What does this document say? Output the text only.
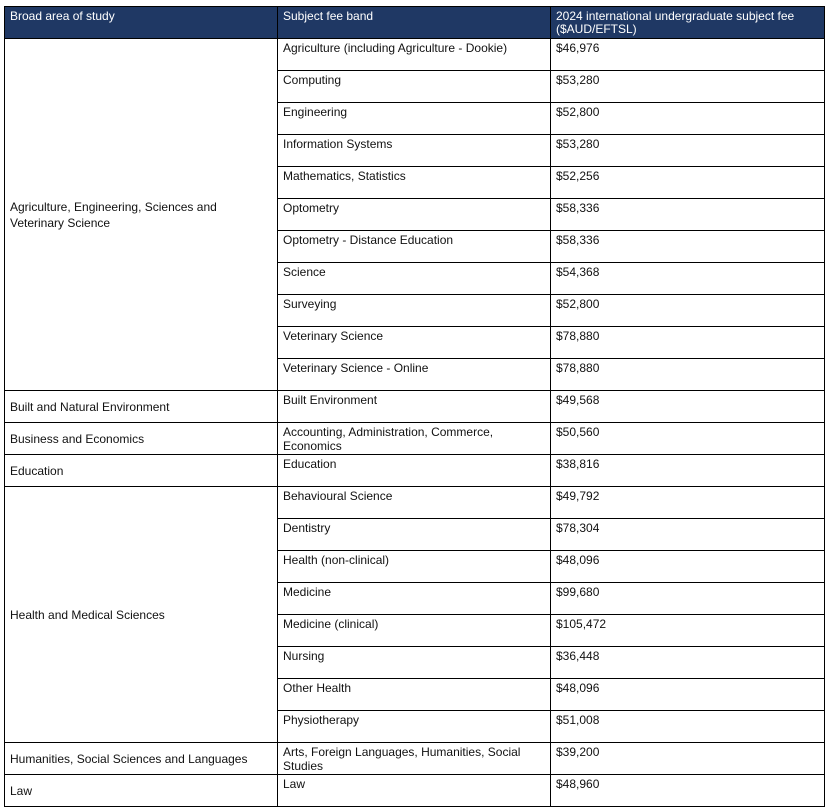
Broad area of study	Subject fee band	2024 international undergraduate subject fee ($AUD/EFTSL)
Agriculture, Engineering, Sciences and Veterinary Science	Agriculture (including Agriculture - Dookie)	$46,976
	Computing	$53,280
	Engineering	$52,800
	Information Systems	$53,280
	Mathematics, Statistics	$52,256
	Optometry	$58,336
	Optometry - Distance Education	$58,336
	Science	$54,368
	Surveying	$52,800
	Veterinary Science	$78,880
	Veterinary Science - Online	$78,880
Built and Natural Environment	Built Environment	$49,568
Business and Economics	Accounting, Administration, Commerce, Economics	$50,560
Education	Education	$38,816
Health and Medical Sciences	Behavioural Science	$49,792
	Dentistry	$78,304
	Health (non-clinical)	$48,096
	Medicine	$99,680
	Medicine (clinical)	$105,472
	Nursing	$36,448
	Other Health	$48,096
	Physiotherapy	$51,008
Humanities, Social Sciences and Languages	Arts, Foreign Languages, Humanities, Social Studies	$39,200
Law	Law	$48,960
